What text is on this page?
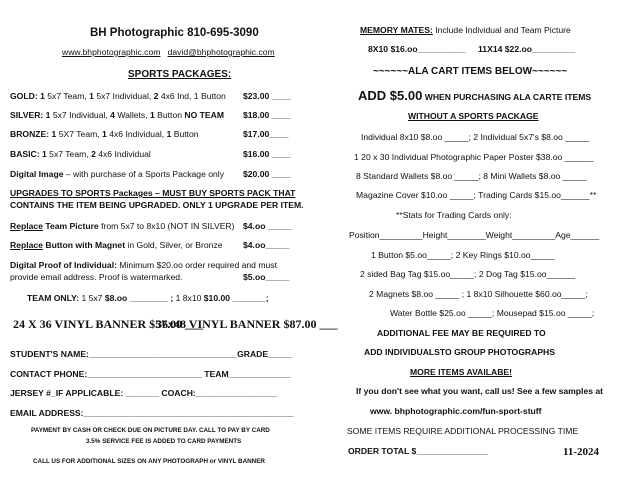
BH Photographic 810-695-3090
www.bhphotographic.com david@bhphotographic.com
SPORTS PACKAGES:
GOLD: 1 5x7 Team, 1 5x7 Individual, 2 4x6 Ind, 1 Button $23.00 ____
SILVER: 1 5x7 Individual, 4 Wallets, 1 Button NO TEAM $18.00 ____
BRONZE: 1 5X7 Team, 1 4x6 Individual, 1 Button	$17.00____
BASIC: 1 5x7 Team, 2 4x6 Individual	$16.00 ____
Digital Image – with purchase of a Sports Package only $20.00 ____
UPGRADES TO SPORTS Packages – MUST BUY SPORTS PACK THAT
CONTAINS THE ITEM BEING UPGRADED. ONLY 1 UPGRADE PER ITEM.
Replace Team Picture from 5x7 to 8x10 (NOT IN SILVER) $4.oo _____
Replace Button with Magnet in Gold, Silver, or Bronze $4.oo_____
Digital Proof of Individual: Minimum $20.oo order required and must
provide email address. Proof is watermarked.	$5.oo_____
TEAM ONLY: 1 5x7 $8.oo ________ ; 1 8x10 $10.00 _______;
24 X 36 VINYL BANNER $57.00 ___
36x48 VINYL BANNER $87.00 ___
STUDENT'S NAME:_______________________________GRADE_____
CONTACT PHONE:________________________ TEAM_____________
JERSEY #_IF APPLICABLE: _______ COACH:_________________
EMAIL ADDRESS:____________________________________________
PAYMENT BY CASH OR CHECK DUE ON PICTURE DAY. CALL TO PAY BY CARD
3.5% SERVICE FEE IS ADDED TO CARD PAYMENTS
CALL US FOR ADDITIONAL SIZES ON ANY PHOTOGRAPH or VINYL BANNER
MEMORY MATES: Include Individual and Team Picture
8X10 $16.oo__________ 11X14 $22.oo_________
~~~~~~ALA CART ITEMS BELOW~~~~~~
ADD $5.00 WHEN PURCHASING ALA CARTE ITEMS
WITHOUT A SPORTS PACKAGE
Individual 8x10 $8.oo _____; 2 Individual 5x7's $8.oo _____
1 20 x 30 Individual Photographic Paper Poster $38.oo ______
8 Standard Wallets $8.oo _____; 8 Mini Wallets $8.oo _____
Magazine Cover $10.oo _____; Trading Cards $15.oo______**
**Stats for Trading Cards only:
Position_________Height________Weight_________Age______
1 Button $5.oo_____; 2 Key Rings $10.oo_____
2 sided Bag Tag $15.oo_____; 2 Dog Tag $15.oo______
2 Magnets $8.oo _____ ; 1 8x10 Silhouette $60.oo_____;
Water Bottle $25.oo _____; Mousepad $15.oo _____;
ADDITIONAL FEE MAY BE REQUIRED TO
ADD INDIVIDUALSTO GROUP PHOTOGRAPHS
MORE ITEMS AVAILABE!
If you don't see what you want, call us! See a few samples at
www. bhphotographic.com/fun-sport-stuff
SOME ITEMS REQUIRE ADDITIONAL PROCESSING TIME
ORDER TOTAL $_______________	11-2024
